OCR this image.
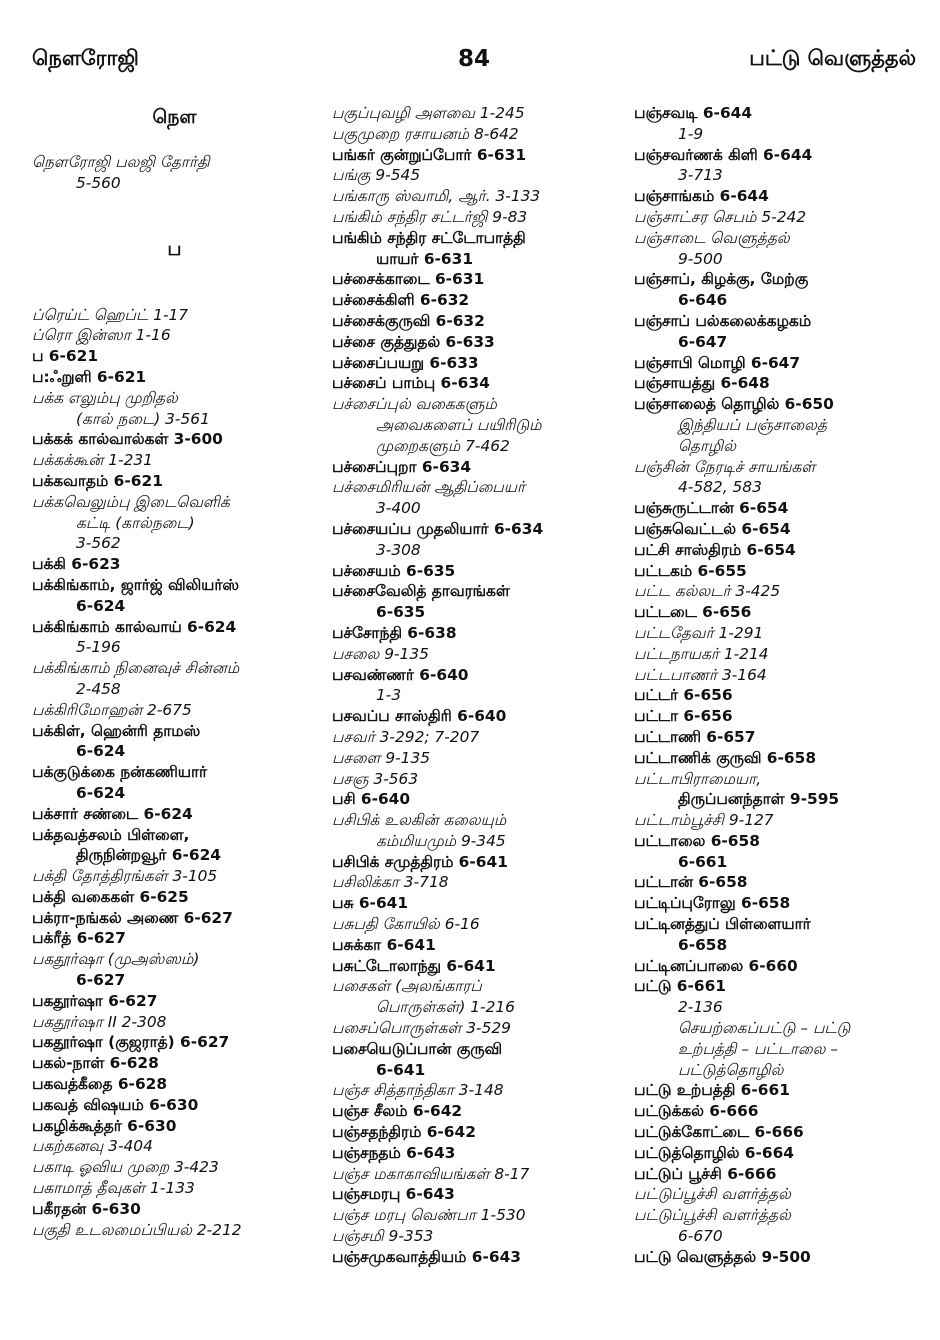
நௌரோஜி	84	பட்டு வெளுத்தல்
நௌ
நௌரோஜி பலஜி தோர்தி
5-560
ப
ப்ரெய்ட் ஹெப்ட் 1-17
ப்ரொ இன்ஸா 1-16
ப 6-621
ப:ஃறுளி 6-621
பக்க எலும்பு முறிதல்
(கால் நடை) 3-561
பக்கக் கால்வால்கள் 3-600
பக்கக்கூன் 1-231
பக்கவாதம் 6-621
பக்கவெலும்பு இடைவெளிக்
கட்டி (கால்நடை)
3-562
பக்கி 6-623
பக்கிங்காம், ஜார்ஜ் விலியர்ஸ்
6-624
பக்கிங்காம் கால்வாய் 6-624
5-196
பக்கிங்காம் நினைவுச் சின்னம்
2-458
பக்கிரிமோஹன் 2-675
பக்கிள், ஹென்ரி தாமஸ்
6-624
பக்குடுக்கை நன்கணியார்
6-624
பக்சார் சண்டை 6-624
பக்தவத்சலம் பிள்ளை,
திருநின்றவூர் 6-624
பக்தி தோத்திரங்கள் 3-105
பக்தி வகைகள் 6-625
பக்ரா-நங்கல் அணை 6-627
பக்ரீத் 6-627
பகதூர்ஷா (முஅஸ்ஸம்)
6-627
பகதூர்ஷா 6-627
பகதூர்ஷா II 2-308
பகதூர்ஷா (குஜராத்) 6-627
பகல்-நாள் 6-628
பகவத்கீதை 6-628
பகவத் விஷயம் 6-630
பகழிக்கூத்தர் 6-630
பகற்கனவு 3-404
பகாடி ஓவிய முறை 3-423
பகாமாத் தீவுகள் 1-133
பகீரதன் 6-630
பகுதி உடலமைப்பியல் 2-212
பகுப்புவழி அளவை 1-245
பகுமுறை ரசாயனம் 8-642
பங்கர் குன்றுப்போர் 6-631
பங்கு 9-545
பங்காரு ஸ்வாமி, ஆர். 3-133
பங்கிம் சந்திர சட்டர்ஜி 9-83
பங்கிம் சந்திர சட்டோபாத்தி
யாயர் 6-631
பச்சைக்காடை 6-631
பச்சைக்கிளி 6-632
பச்சைக்குருவி 6-632
பச்சை குத்துதல் 6-633
பச்சைப்பயறு 6-633
பச்சைப் பாம்பு 6-634
பச்சைப்புல் வகைகளும்
அவைகளைப் பயிரிடும்
முறைகளும் 7-462
பச்சைப்புறா 6-634
பச்சைமிரியன் ஆதிப்பையர்
3-400
பச்சையப்ப முதலியார் 6-634
3-308
பச்சையம் 6-635
பச்சைவேலித் தாவரங்கள்
6-635
பச்சோந்தி 6-638
பசலை 9-135
பசவண்ணர் 6-640
1-3
பசவப்ப சாஸ்திரி 6-640
பசவர் 3-292; 7-207
பசளை 9-135
பசஞ 3-563
பசி 6-640
பசிபிக் உலகின் கலையும்
கம்மியமும் 9-345
பசிபிக் சமுத்திரம் 6-641
பசிலிக்கா 3-718
பசு 6-641
பசுபதி கோயில் 6-16
பசுக்கா 6-641
பசுட்டோலாந்து 6-641
பசைகள் (அலங்காரப்
பொருள்கள்) 1-216
பசைப்பொருள்கள் 3-529
பசையெடுப்பான் குருவி
6-641
பஞ்ச சித்தாந்திகா 3-148
பஞ்ச சீலம் 6-642
பஞ்சதந்திரம் 6-642
பஞ்சநதம் 6-643
பஞ்ச மகாகாவியங்கள் 8-17
பஞ்சமரபு 6-643
பஞ்ச மரபு வெண்பா 1-530
பஞ்சமி 9-353
பஞ்சமுகவாத்தியம் 6-643
பஞ்சவடி 6-644
1-9
பஞ்சவர்ணக் கிளி 6-644
3-713
பஞ்சாங்கம் 6-644
பஞ்சாட்சர செபம் 5-242
பஞ்சாடை வெளுத்தல்
9-500
பஞ்சாப், கிழக்கு, மேற்கு
6-646
பஞ்சாப் பல்கலைக்கழகம்
6-647
பஞ்சாபி மொழி 6-647
பஞ்சாயத்து 6-648
பஞ்சாலைத் தொழில் 6-650
இந்தியப் பஞ்சாலைத்
தொழில்
பஞ்சின் நேரடிச் சாயங்கள்
4-582, 583
பஞ்சுருட்டான் 6-654
பஞ்சுவெட்டல் 6-654
பட்சி சாஸ்திரம் 6-654
பட்டகம் 6-655
பட்ட கல்லடர் 3-425
பட்டடை 6-656
பட்டதேவர் 1-291
பட்டநாயகர் 1-214
பட்டபாணர் 3-164
பட்டர் 6-656
பட்டா 6-656
பட்டாணி 6-657
பட்டாணிக் குருவி 6-658
பட்டாபிராமையா,
திருப்பனந்தாள் 9-595
பட்டாம்பூச்சி 9-127
பட்டாலை 6-658
6-661
பட்டான் 6-658
பட்டிப்புரோலு 6-658
பட்டினத்துப் பிள்ளையார்
6-658
பட்டினப்பாலை 6-660
பட்டு 6-661
2-136
செயற்கைப்பட்டு – பட்டு
உற்பத்தி – பட்டாலை –
பட்டுத்தொழில்
பட்டு உற்பத்தி 6-661
பட்டுக்கல் 6-666
பட்டுக்கோட்டை 6-666
பட்டுத்தொழில் 6-664
பட்டுப் பூச்சி 6-666
பட்டுப்பூச்சி வளர்த்தல்
பட்டுப்பூச்சி வளர்த்தல்
6-670
பட்டு வெளுத்தல் 9-500
